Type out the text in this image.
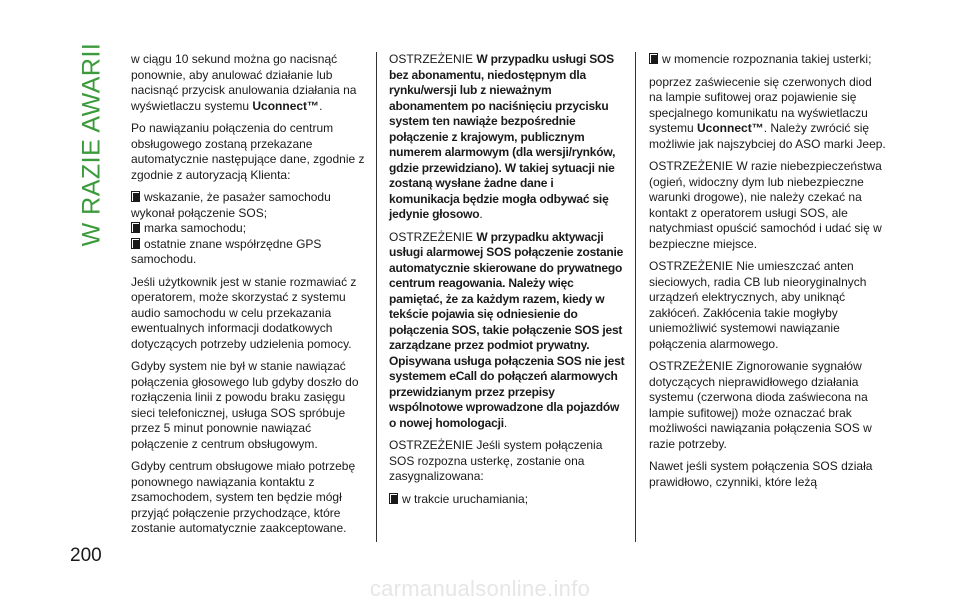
W RAZIE AWARII
200

w ciągu 10 sekund można go nacisnąć ponownie, aby anulować działanie lub nacisnąć przycisk anulowania działania na wyświetlaczu systemu Uconnect™.

Po nawiązaniu połączenia do centrum obsługowego zostaną przekazane automatycznie następujące dane, zgodnie z zgodnie z autoryzacją Klienta:

wskazanie, że pasażer samochodu wykonał połączenie SOS;

marka samochodu;

ostatnie znane współrzędne GPS samochodu.

Jeśli użytkownik jest w stanie rozmawiać z operatorem, może skorzystać z systemu audio samochodu w celu przekazania ewentualnych informacji dodatkowych dotyczących potrzeby udzielenia pomocy.

Gdyby system nie był w stanie nawiązać połączenia głosowego lub gdyby doszło do rozłączenia linii z powodu braku zasięgu sieci telefonicznej, usługa SOS spróbuje przez 5 minut ponownie nawiązać połączenie z centrum obsługowym.

Gdyby centrum obsługowe miało potrzebę ponownego nawiązania kontaktu z zsamochodem, system ten będzie mógł przyjąć połączenie przychodzące, które zostanie automatycznie zaakceptowane.

OSTRZEŻENIE W przypadku usługi SOS bez abonamentu, niedostępnym dla rynku/wersji lub z nieważnym abonamentem po naciśnięciu przycisku system ten nawiąże bezpośrednie połączenie z krajowym, publicznym numerem alarmowym (dla wersji/rynków, gdzie przewidziano). W takiej sytuacji nie zostaną wysłane żadne dane i komunikacja będzie mogła odbywać się jedynie głosowo.

OSTRZEŻENIE W przypadku aktywacji usługi alarmowej SOS połączenie zostanie automatycznie skierowane do prywatnego centrum reagowania. Należy więc pamiętać, że za każdym razem, kiedy w tekście pojawia się odniesienie do połączenia SOS, takie połączenie SOS jest zarządzane przez podmiot prywatny. Opisywana usługa połączenia SOS nie jest systemem eCall do połączeń alarmowych przewidzianym przez przepisy wspólnotowe wprowadzone dla pojazdów o nowej homologacji.

OSTRZEŻENIE Jeśli system połączenia SOS rozpozna usterkę, zostanie ona zasygnalizowana:

w trakcie uruchamiania;

w momencie rozpoznania takiej usterki;

poprzez zaświecenie się czerwonych diod na lampie sufitowej oraz pojawienie się specjalnego komunikatu na wyświetlaczu systemu Uconnect™. Należy zwrócić się możliwie jak najszybciej do ASO marki Jeep.

OSTRZEŻENIE W razie niebezpieczeństwa (ogień, widoczny dym lub niebezpieczne warunki drogowe), nie należy czekać na kontakt z operatorem usługi SOS, ale natychmiast opuścić samochód i udać się w bezpieczne miejsce.

OSTRZEŻENIE Nie umieszczać anten sieciowych, radia CB lub nieoryginalnych urządzeń elektrycznych, aby uniknąć zakłóceń. Zakłócenia takie mogłyby uniemożliwić systemowi nawiązanie połączenia alarmowego.

OSTRZEŻENIE Zignorowanie sygnałów dotyczących nieprawidłowego działania systemu (czerwona dioda zaświecona na lampie sufitowej) może oznaczać brak możliwości nawiązania połączenia SOS w razie potrzeby.

Nawet jeśli system połączenia SOS działa prawidłowo, czynniki, które leżą

carmanualsonline.info
